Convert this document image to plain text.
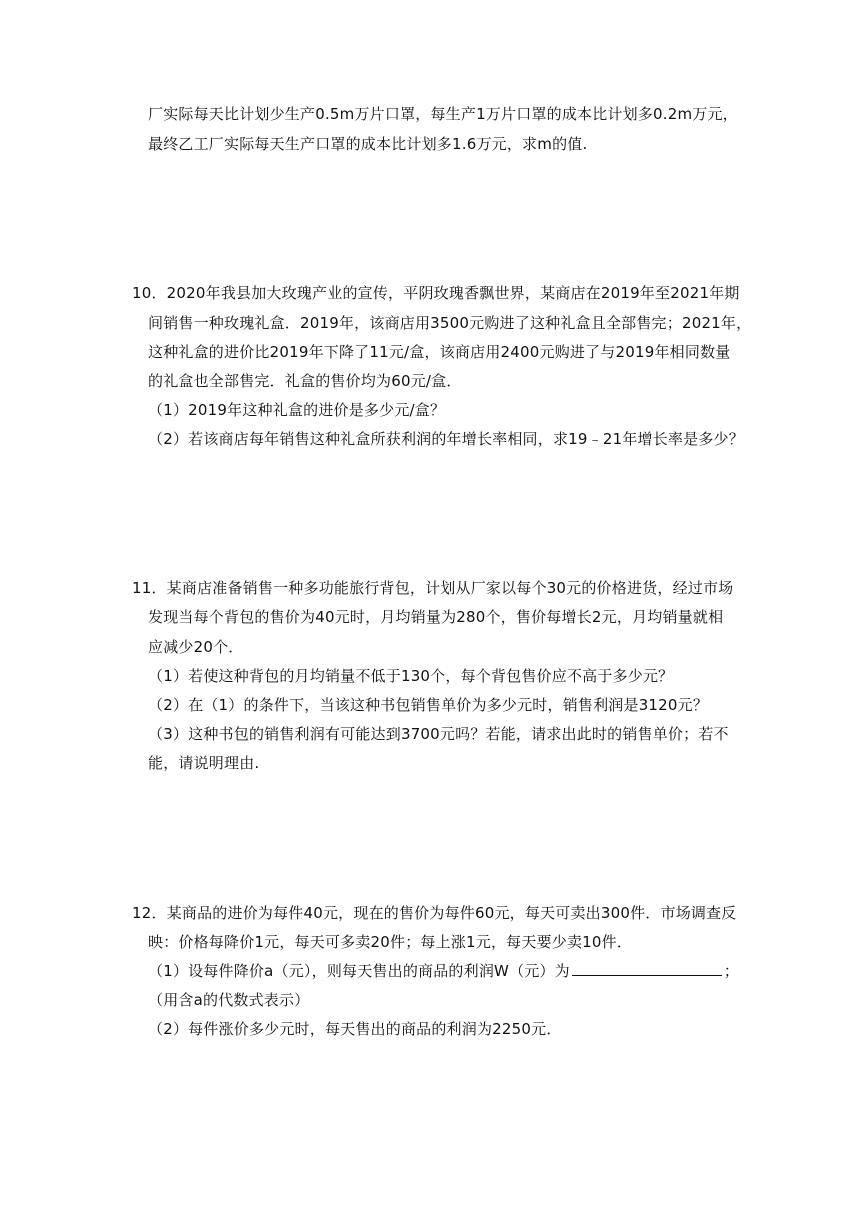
厂实际每天比计划少生产0.5m万片口罩，每生产1万片口罩的成本比计划多0.2m万元，
最终乙工厂实际每天生产口罩的成本比计划多1.6万元，求m的值.
10．2020年我县加大玫瑰产业的宣传，平阴玫瑰香飘世界，某商店在2019年至2021年期
间销售一种玫瑰礼盒．2019年，该商店用3500元购进了这种礼盒且全部售完；2021年，
这种礼盒的进价比2019年下降了11元/盒，该商店用2400元购进了与2019年相同数量
的礼盒也全部售完．礼盒的售价均为60元/盒．
（1）2019年这种礼盒的进价是多少元/盒？
（2）若该商店每年销售这种礼盒所获利润的年增长率相同，求19﹣21年增长率是多少？
11．某商店准备销售一种多功能旅行背包，计划从厂家以每个30元的价格进货，经过市场
发现当每个背包的售价为40元时，月均销量为280个，售价每增长2元，月均销量就相
应减少20个．
（1）若使这种背包的月均销量不低于130个，每个背包售价应不高于多少元？
（2）在（1）的条件下，当该这种书包销售单价为多少元时，销售利润是3120元？
（3）这种书包的销售利润有可能达到3700元吗？若能，请求出此时的销售单价；若不
能，请说明理由.
12．某商品的进价为每件40元，现在的售价为每件60元，每天可卖出300件．市场调查反
映：价格每降价1元，每天可多卖20件；每上涨1元，每天要少卖10件．
（1）设每件降价a（元），则每天售出的商品的利润W（元）为	；
（用含a的代数式表示）
（2）每件涨价多少元时，每天售出的商品的利润为2250元．
